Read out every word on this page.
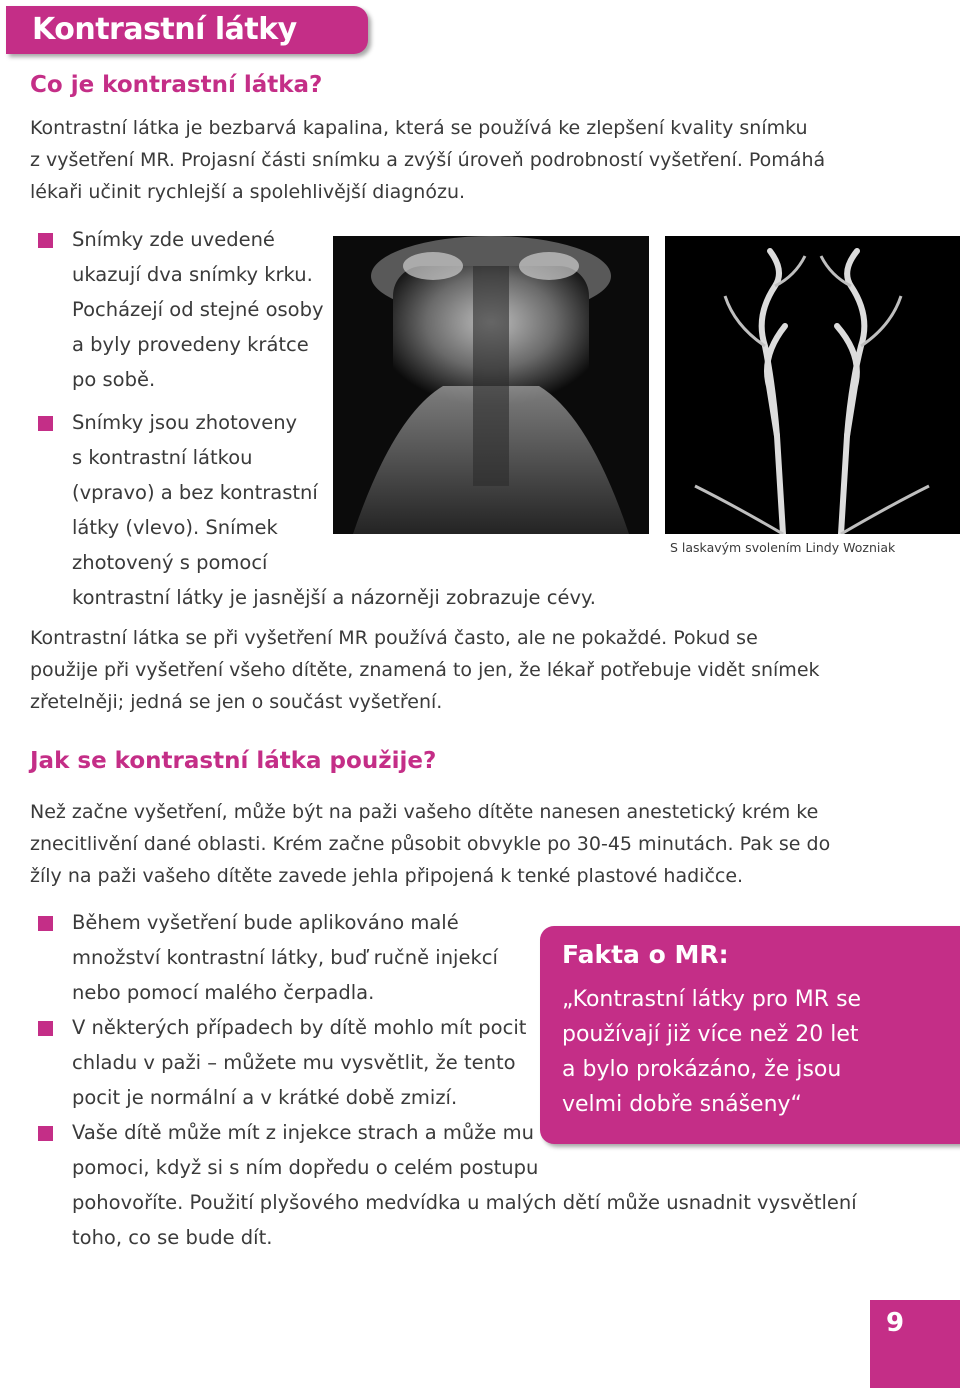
Kontrastní látky
Co je kontrastní látka?

Kontrastní látka je bezbarvá kapalina, která se používá ke zlepšení kvality snímku
z vyšetření MR. Projasní části snímku a zvýší úroveň podrobností vyšetření. Pomáhá
lékaři učinit rychlejší a spolehlivější diagnózu.

Snímky zde uvedené
ukazují dva snímky krku.
Pocházejí od stejné osoby
a byly provedeny krátce
po sobě.

Snímky jsou zhotoveny
s kontrastní látkou
(vpravo) a bez kontrastní
látky (vlevo). Snímek
zhotovený s pomocí
kontrastní látky je jasnější a názorněji zobrazuje cévy.

S laskavým svolením Lindy Wozniak

Kontrastní látka se při vyšetření MR používá často, ale ne pokaždé. Pokud se
použije při vyšetření všeho dítěte, znamená to jen, že lékař potřebuje vidět snímek
zřetelněji; jedná se jen o součást vyšetření.

Jak se kontrastní látka použije?

Než začne vyšetření, může být na paži vašeho dítěte nanesen anestetický krém ke
znecitlivění dané oblasti. Krém začne působit obvykle po 30-45 minutách. Pak se do
žíly na paži vašeho dítěte zavede jehla připojená k tenké plastové hadičce.

Během vyšetření bude aplikováno malé
množství kontrastní látky, buď ručně injekcí
nebo pomocí malého čerpadla.

V některých případech by dítě mohlo mít pocit
chladu v paži – můžete mu vysvětlit, že tento
pocit je normální a v krátké době zmizí.

Vaše dítě může mít z injekce strach a může mu
pomoci, když si s ním dopředu o celém postupu
pohovoříte. Použití plyšového medvídka u malých dětí může usnadnit vysvětlení
toho, co se bude dít.

Fakta o MR:
„Kontrastní látky pro MR se
používají již více než 20 let
a bylo prokázáno, že jsou
velmi dobře snášeny“
9
